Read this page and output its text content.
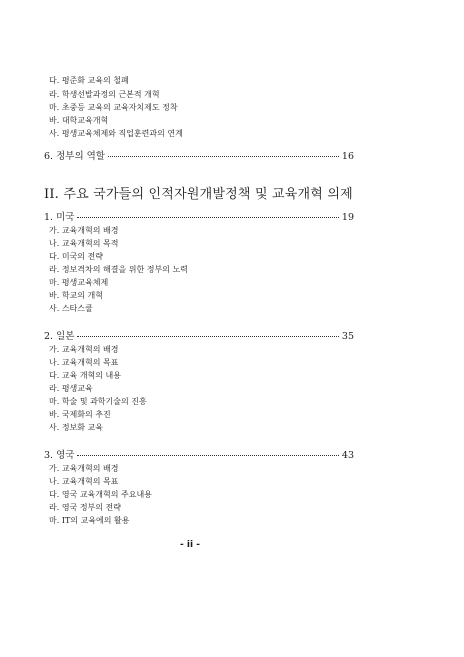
다. 평준화 교육의 철폐
라. 학생선발과정의 근본적 개혁
마. 초중등 교육의 교육자치제도 정착
바. 대학교육개혁
사. 평생교육체제와 직업훈련과의 연계
6. 정부의 역할	16
II. 주요 국가들의 인적자원개발정책 및 교육개혁 의제
1. 미국	19
가. 교육개혁의 배경
나. 교육개혁의 목적
다. 미국의 전략
라. 정보격차의 해결을 위한 정부의 노력
마. 평생교육체제
바. 학교의 개혁
사. 스타스쿨
2. 일본	35
가. 교육개혁의 배경
나. 교육개혁의 목표
다. 교육 개혁의 내용
라. 평생교육
마. 학술 및 과학기술의 진흥
바. 국제화의 추진
사. 정보화 교육
3. 영국	43
가. 교육개혁의 배경
나. 교육개혁의 목표
다. 영국 교육개혁의 주요내용
라. 영국 정부의 전략
마. IT의 교육에의 활용
- ii -
